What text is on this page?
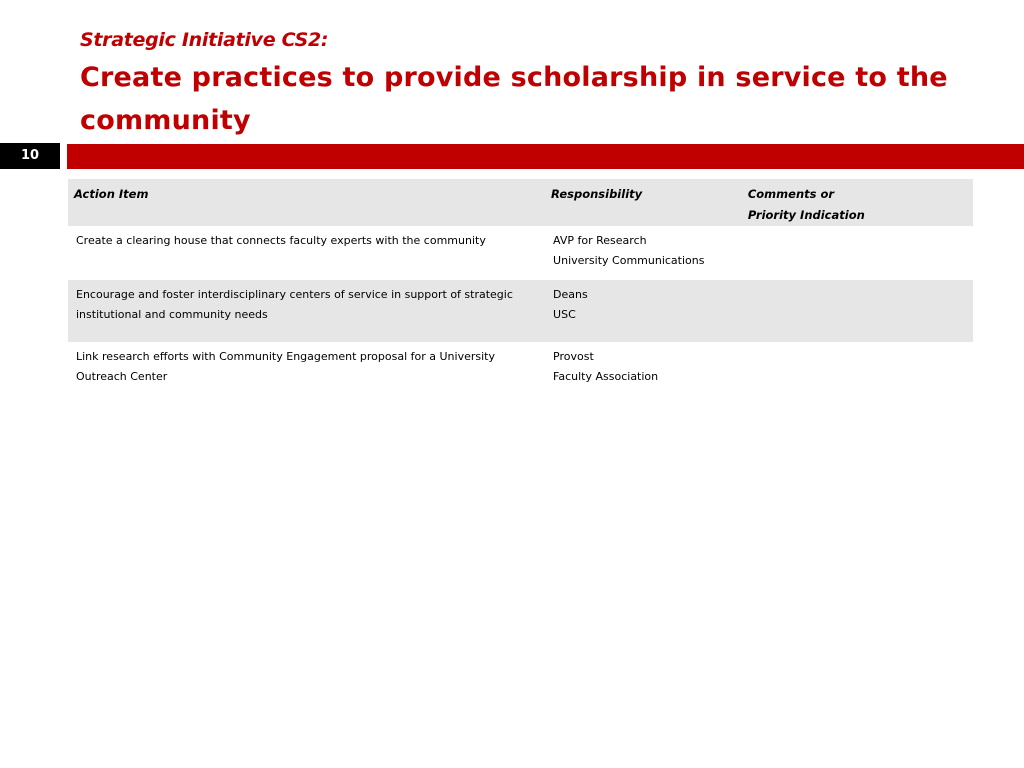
Strategic Initiative CS2:
Create practices to provide scholarship in service to the community
10
Action Item	Responsibility	Comments or
Priority Indication

Create a clearing house that connects faculty experts with the community	AVP for Research
University Communications	

Encourage and foster interdisciplinary centers of service in support of strategic
institutional and community needs	Deans
USC	

Link research efforts with Community Engagement proposal for a University
Outreach Center	Provost
Faculty Association	
